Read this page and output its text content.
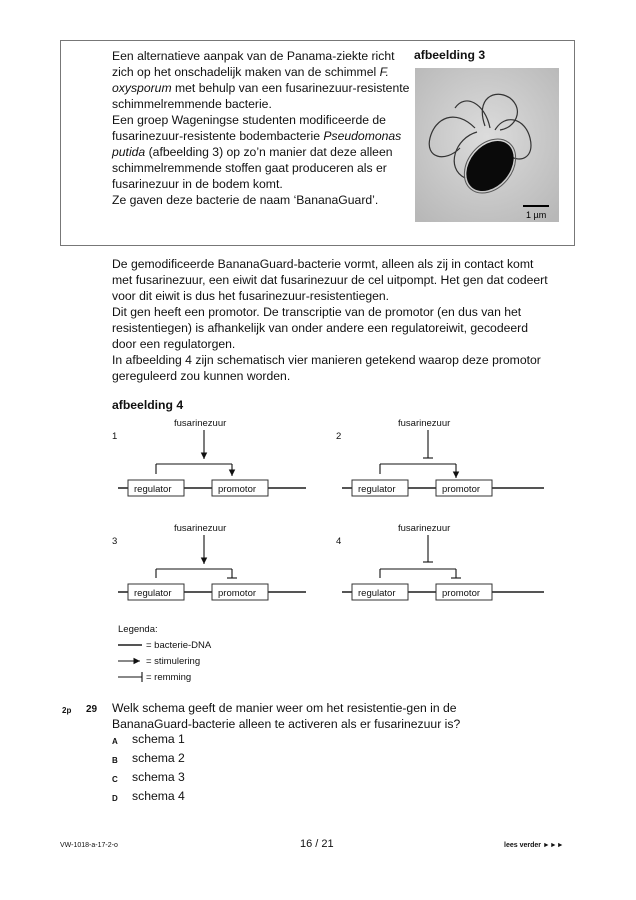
Een alternatieve aanpak van de Panama-ziekte richt zich op het onschadelijk maken van de schimmel F. oxysporum met behulp van een fusarinezuur-resistente schimmelremmende bacterie.

Een groep Wageningse studenten modificeerde de fusarinezuur-resistente bodembacterie Pseudomonas putida (afbeelding 3) op zo’n manier dat deze alleen schimmelremmende stoffen gaat produceren als er fusarinezuur in de bodem komt.

Ze gaven deze bacterie de naam ‘BananaGuard’.

afbeelding 3
1 µm

De gemodificeerde BananaGuard-bacterie vormt, alleen als zij in contact komt met fusarinezuur, een eiwit dat fusarinezuur de cel uitpompt. Het gen dat codeert voor dit eiwit is dus het fusarinezuur-resistentiegen.

Dit gen heeft een promotor. De transcriptie van de promotor (en dus van het resistentiegen) is afhankelijk van onder andere een regulatoreiwit, gecodeerd door een regulatorgen.

In afbeelding 4 zijn schematisch vier manieren getekend waarop deze promotor gereguleerd zou kunnen worden.

afbeelding 4
1
fusarinezuur
regulator	promotor
2
fusarinezuur
regulator	promotor
3
fusarinezuur
regulator	promotor
4
fusarinezuur
regulator	promotor
Legenda:
= bacterie-DNA
= stimulering
= remming
2p 29 Welk schema geeft de manier weer om het resistentie-gen in de BananaGuard-bacterie alleen te activeren als er fusarinezuur is?
A	schema 1
B	schema 2
C	schema 3
D	schema 4
VW-1018-a-17-2-o	16 / 21	lees verder ►►►
